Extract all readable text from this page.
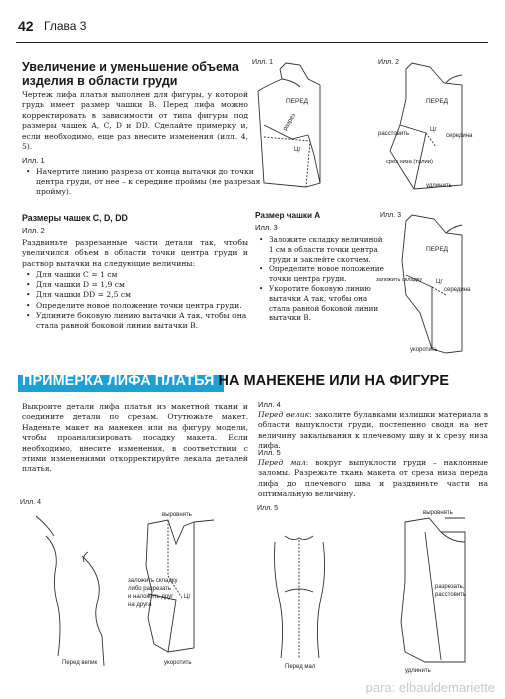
42 Глава 3
Увеличение и уменьшение объема изделия в области груди
Чертеж лифа платья выполнен для фигуры, у которой грудь имеет размер чашки B. Перед лифа можно корректировать в зависимости от типа фигуры под размеры чашек A, C, D и DD. Сделайте примерку и, если необходимо, еще раз внесите изменения (илл. 4, 5).
Илл. 1
• Начертите линию разреза от конца вытачки до точки центра груди, от нее – к середине проймы (не разрезая пройму).
Размеры чашек C, D, DD
Илл. 2
Раздвиньте разрезанные части детали так, чтобы увеличился объем в области точки центра груди и раствор вытачки на следующие величины:
• Для чашки C = 1 см
• Для чашки D = 1,9 см
• Для чашки DD = 2,5 см
• Определите новое положение точки центра груди.
• Удлините боковую линию вытачки А так, чтобы она стала равной боковой линии вытачки В.
Размер чашки A
Илл. 3
• Заложите складку величиной 1 см в области точки центра груди и заклейте скотчем.
• Определите новое положение точки центра груди.
• Укоротите боковую линию вытачки А так, чтобы она стала равной боковой линии вытачки B.
Илл. 1
ПЕРЕД
разрез
Цг
Илл. 2
ПЕРЕД
расстовить
Цг
середина
срез низа (талии)
удлинить
Илл. 3
ПЕРЕД
заложить складку Цг
середина
укоротить
ПРИМЕРКА ЛИФА ПЛАТЬЯ НА МАНЕКЕНЕ ИЛИ НА ФИГУРЕ
Выкроите детали лифа платья из макетной ткани и соедините детали по срезам. Отутюжьте макет. Наденьте макет на манекен или на фигуру модели, чтобы проанализировать посадку макета. Если необходимо, внесите изменения, в соответствии с этими изменениями откорректируйте лекала деталей платья.
Илл. 4
Перед велик: заколите булавками излишки материала в области выпуклости груди, постепенно сводя на нет величину закалывания к плечевому шву и к срезу низа лифа.
Илл. 5
Перед мал: вокруг выпуклости груди – наклонные заломы. Разрежьте ткань макета от среза низа переда лифа до плечевого шва и раздвиньте части на оптимальную величину.
Илл. 4
выровнять
заложить складку
либо разрезать
и наложить друг
на друга
Цг
Перед велик	укоротить
Илл. 5
выровнять
разрезать,
расстовить
Перед мал
удлинить
para: elbauldemariette
